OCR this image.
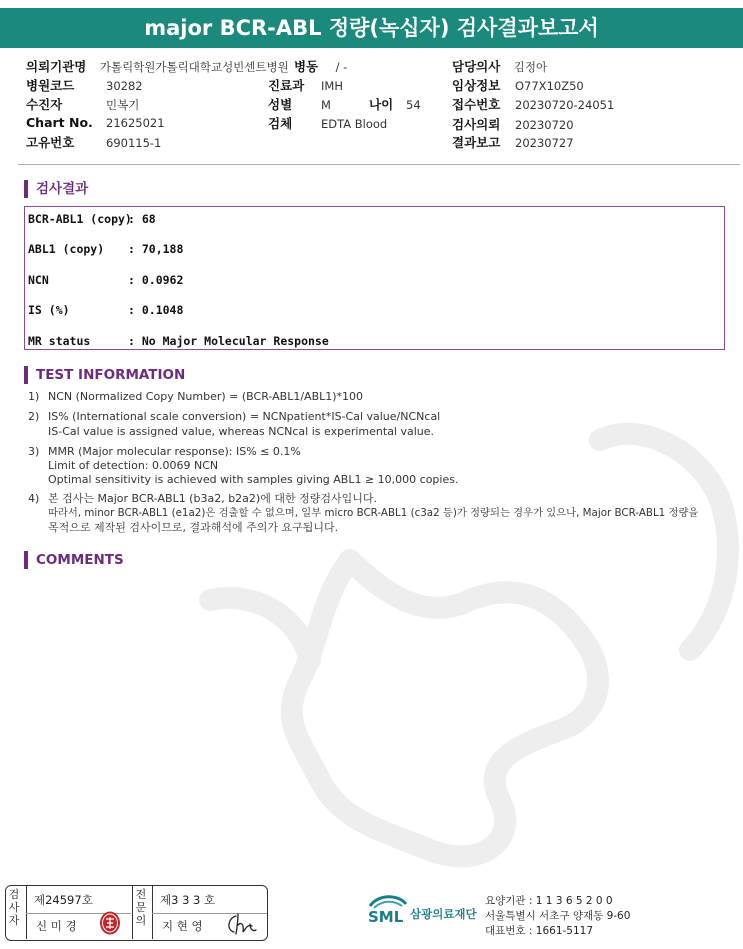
major BCR-ABL 정량(녹십자) 검사결과보고서
의뢰기관명 가톨릭학원가톨릭대학교성빈센트병원 병동 / -	담당의사 김정아
병원코드	30282	진료과 IMH	임상정보 O77X10Z50
수진자	민복기	성별	M	나이 54	접수번호 20230720-24051
Chart No. 21625021	검체	EDTA Blood	검사의뢰 20230720
고유번호	690115-1	결과보고 20230727
검사결과
BCR-ABL1 (copy): 68
ABL1 (copy) : 70,188
NCN	: 0.0962
IS (%)	: 0.1048
MR status	: No Major Molecular Response
TEST INFORMATION
1) NCN (Normalized Copy Number) = (BCR-ABL1/ABL1)*100
2) IS% (International scale conversion) = NCNpatient*IS-Cal value/NCNcal
IS-Cal value is assigned value, whereas NCNcal is experimental value.
3) MMR (Major molecular response): IS% ≤ 0.1%
Limit of detection: 0.0069 NCN
Optimal sensitivity is achieved with samples giving ABL1 ≥ 10,000 copies.
4) 본 검사는 Major BCR-ABL1 (b3a2, b2a2)에 대한 정량검사입니다.
따라서, minor BCR-ABL1 (e1a2)은 검출할 수 없으며, 일부 micro BCR-ABL1 (c3a2 등)가 정량되는 경우가 있으나, Major BCR-ABL1 정량을
목적으로 제작된 검사이므로, 결과해석에 주의가 요구됩니다.
COMMENTS
검사자
제24597호
신 미 경
전문의
제3 3 3 호
지 현 영	SML 삼광의료재단
요양기관 : 1 1 3 6 5 2 0 0
서울특별시 서초구 양재동 9-60
대표번호 : 1661-5117
